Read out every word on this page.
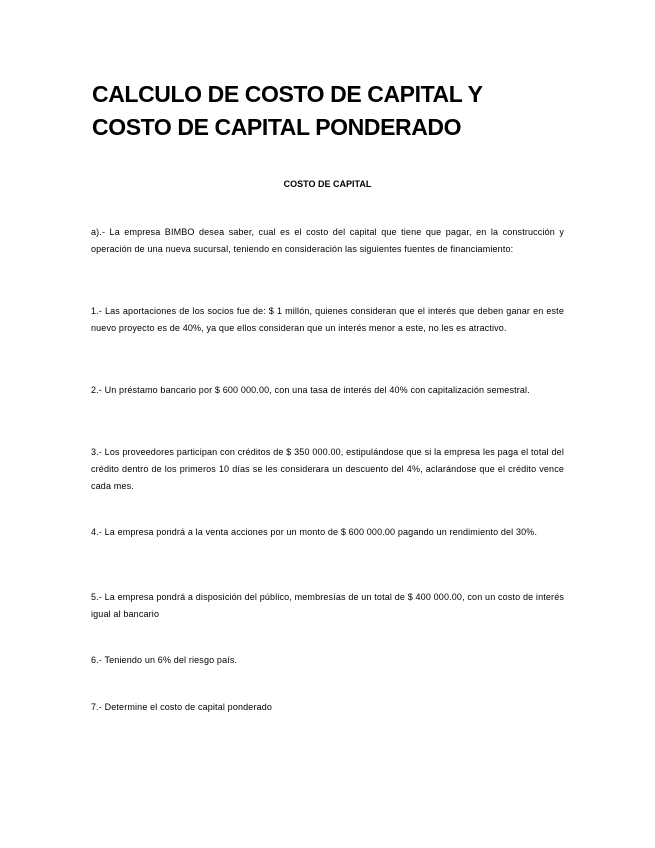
CALCULO DE COSTO DE CAPITAL Y COSTO DE CAPITAL PONDERADO
COSTO DE CAPITAL

a).- La empresa BIMBO desea saber, cual es el costo del capital que tiene que pagar, en la construcción y operación de una nueva sucursal, teniendo en consideración las siguientes fuentes de financiamiento:

1.- Las aportaciones de los socios fue de: $ 1 millón, quienes consideran que el interés que deben ganar en este nuevo proyecto es de 40%, ya que ellos consideran que un interés menor a este, no les es atractivo.

2.- Un préstamo bancario por $ 600 000.00, con una tasa de interés del 40% con capitalización semestral.

3.- Los proveedores participan con créditos de $ 350 000.00, estipulándose que si la empresa les paga el total del crédito dentro de los primeros 10 días se les considerara un descuento del 4%, aclarándose que el crédito vence cada mes.

4.- La empresa pondrá a la venta acciones por un monto de $ 600 000.00 pagando un rendimiento del 30%.

5.- La empresa pondrá a disposición del público, membresías de un total de $ 400 000.00, con un costo de interés igual al bancario

6.- Teniendo un 6% del riesgo país.

7.- Determine el costo de capital ponderado
